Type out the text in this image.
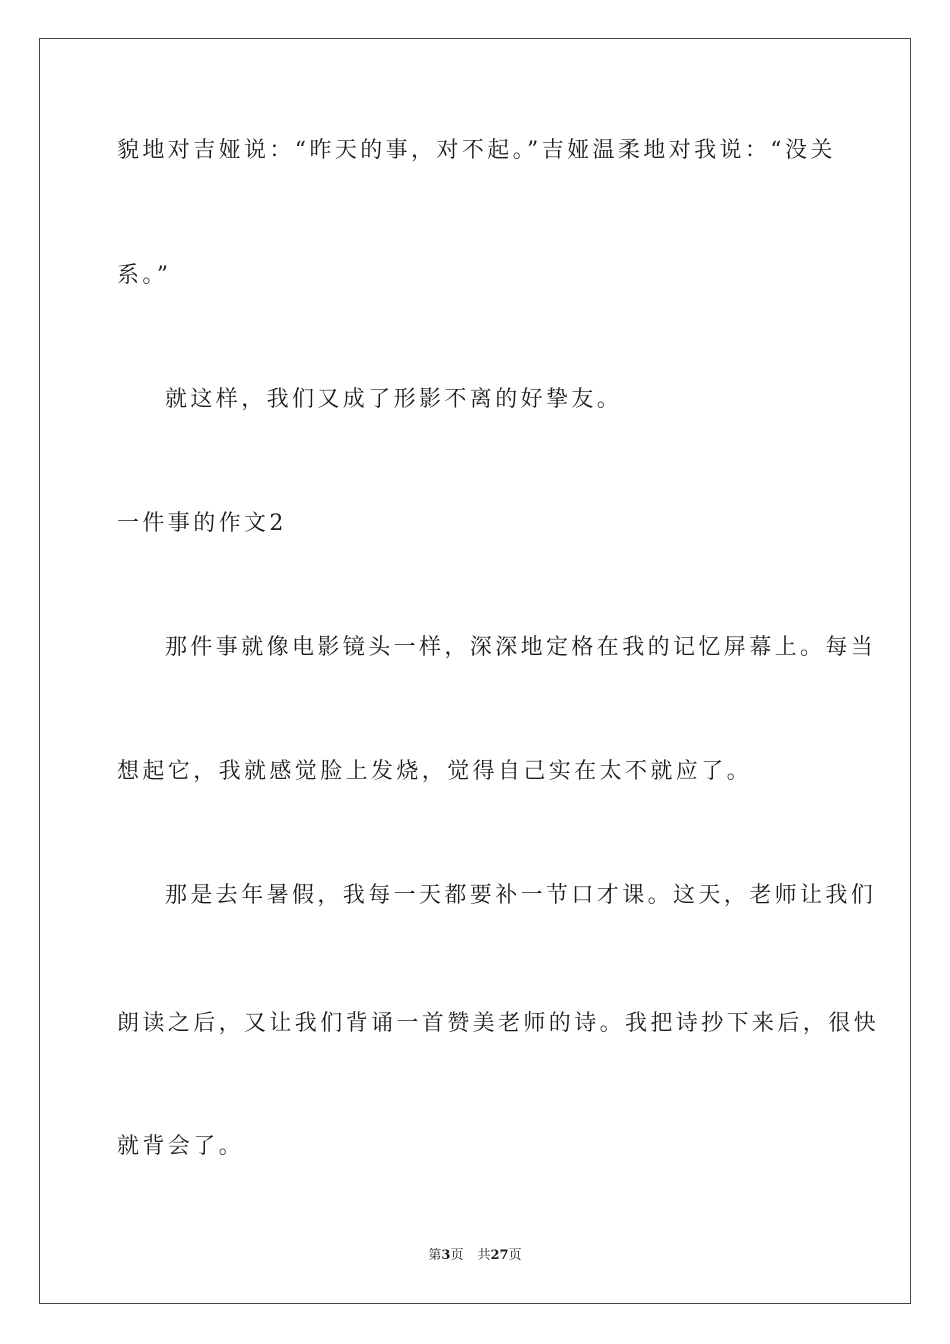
貌地对吉娅说：“昨天的事，对不起。”吉娅温柔地对我说：“没关
系。”
就这样，我们又成了形影不离的好挚友。
一件事的作文2
那件事就像电影镜头一样，深深地定格在我的记忆屏幕上。每当
想起它，我就感觉脸上发烧，觉得自己实在太不就应了。
那是去年暑假，我每一天都要补一节口才课。这天，老师让我们
朗读之后，又让我们背诵一首赞美老师的诗。我把诗抄下来后，很快
就背会了。
第3页 共27页
